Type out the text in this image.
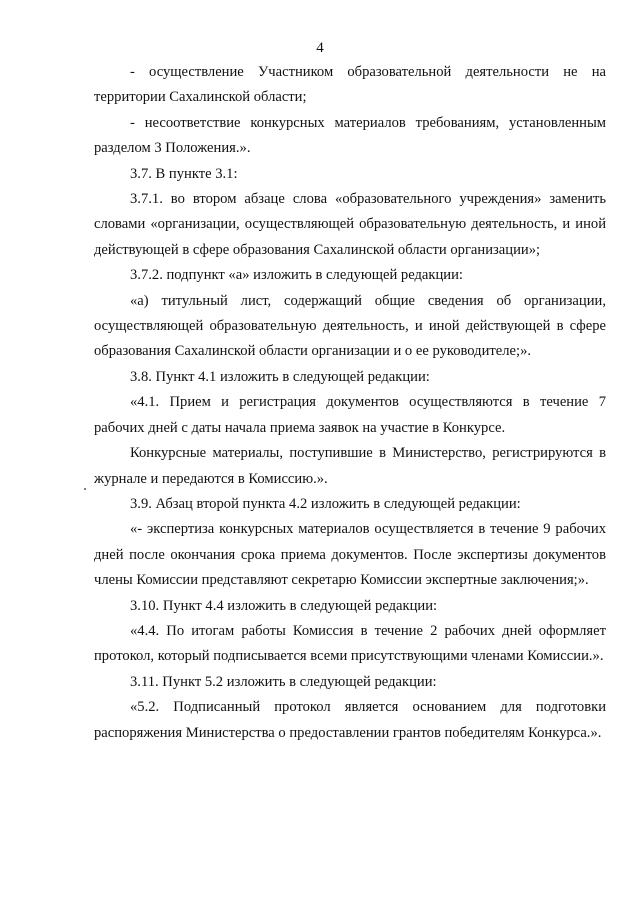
4

- осуществление Участником образовательной деятельности не на территории Сахалинской области;

- несоответствие конкурсных материалов требованиям, установленным разделом 3 Положения.».

3.7. В пункте 3.1:

3.7.1. во втором абзаце слова «образовательного учреждения» заменить словами «организации, осуществляющей образовательную деятельность, и иной действующей в сфере образования Сахалинской области организации»;

3.7.2. подпункт «а» изложить в следующей редакции:

«а) титульный лист, содержащий общие сведения об организации, осуществляющей образовательную деятельность, и иной действующей в сфере образования Сахалинской области организации и о ее руководителе;».

3.8. Пункт 4.1 изложить в следующей редакции:

«4.1. Прием и регистрация документов осуществляются в течение 7 рабочих дней с даты начала приема заявок на участие в Конкурсе.

Конкурсные материалы, поступившие в Министерство, регистрируются в журнале и передаются в Комиссию.».

3.9. Абзац второй пункта 4.2 изложить в следующей редакции:

«- экспертиза конкурсных материалов осуществляется в течение 9 рабочих дней после окончания срока приема документов. После экспертизы документов члены Комиссии представляют секретарю Комиссии экспертные заключения;».

3.10. Пункт 4.4 изложить в следующей редакции:

«4.4. По итогам работы Комиссия в течение 2 рабочих дней оформляет протокол, который подписывается всеми присутствующими членами Комиссии.».

3.11. Пункт 5.2 изложить в следующей редакции:

«5.2. Подписанный протокол является основанием для подготовки распоряжения Министерства о предоставлении грантов победителям Конкурса.».
